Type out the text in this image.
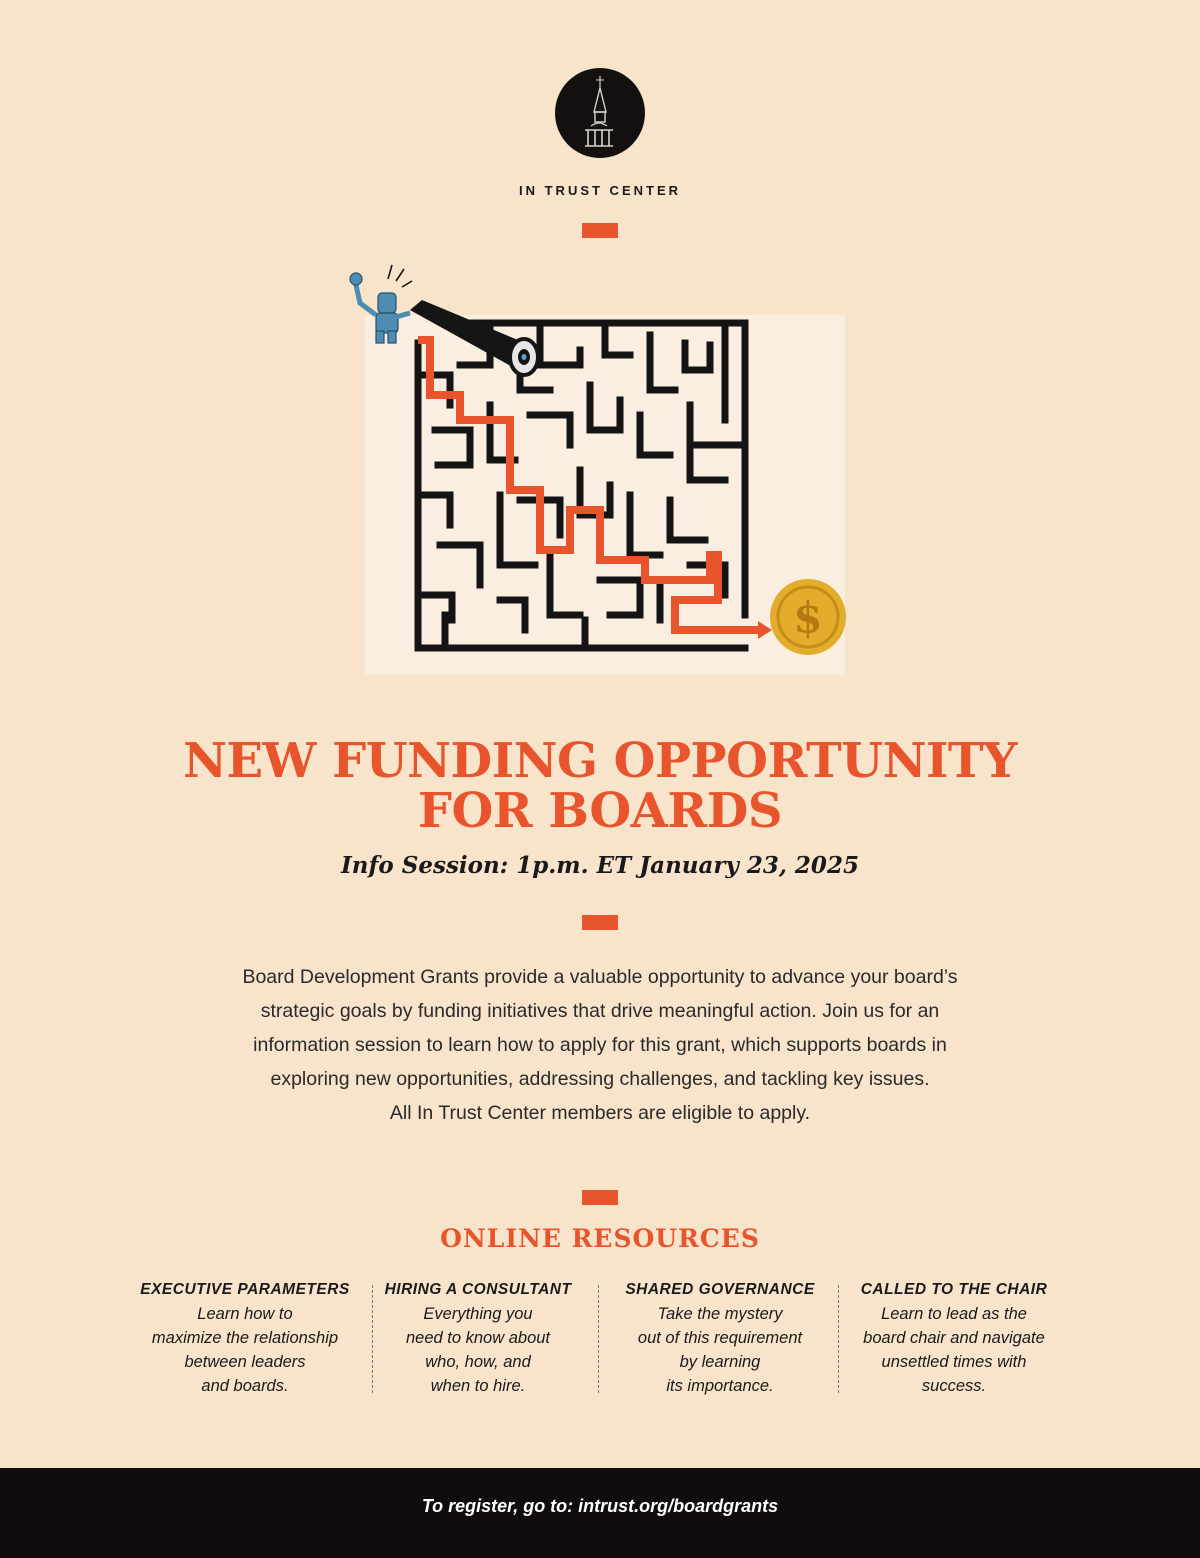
IN TRUST CENTER
$
NEW FUNDING OPPORTUNITY
FOR BOARDS
Info Session: 1p.m. ET January 23, 2025
Board Development Grants provide a valuable opportunity to advance your board’s
strategic goals by funding initiatives that drive meaningful action. Join us for an
information session to learn how to apply for this grant, which supports boards in
exploring new opportunities, addressing challenges, and tackling key issues.
All In Trust Center members are eligible to apply.
ONLINE RESOURCES
EXECUTIVE PARAMETERS
Learn how to
maximize the relationship
between leaders
and boards.
HIRING A CONSULTANT
Everything you
need to know about
who, how, and
when to hire.
SHARED GOVERNANCE
Take the mystery
out of this requirement
by learning
its importance.
CALLED TO THE CHAIR
Learn to lead as the
board chair and navigate
unsettled times with
success.
To register, go to: intrust.org/boardgrants
